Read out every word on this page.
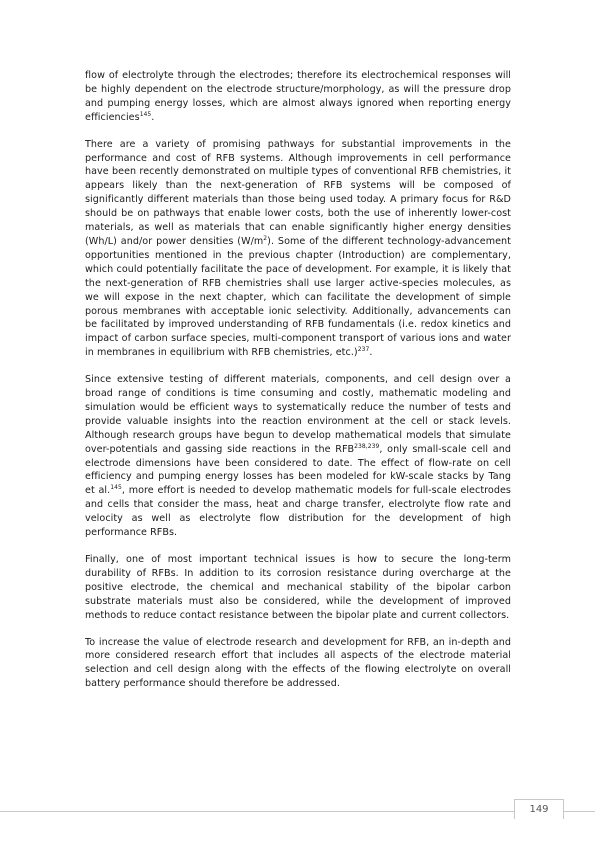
flow of electrolyte through the electrodes; therefore its electrochemical responses will be highly dependent on the electrode structure/morphology, as will the pressure drop and pumping energy losses, which are almost always ignored when reporting energy efficiencies$^{145}$.

There are a variety of promising pathways for substantial improvements in the performance and cost of RFB systems. Although improvements in cell performance have been recently demonstrated on multiple types of conventional RFB chemistries, it appears likely than the next-generation of RFB systems will be composed of significantly different materials than those being used today. A primary focus for R&D should be on pathways that enable lower costs, both the use of inherently lower-cost materials, as well as materials that can enable significantly higher energy densities (Wh/L) and/or power densities $(W/m^2)$. Some of the different technology-advancement opportunities mentioned in the previous chapter (Introduction) are complementary, which could potentially facilitate the pace of development. For example, it is likely that the next-generation of RFB chemistries shall use larger active-species molecules, as we will expose in the next chapter, which can facilitate the development of simple porous membranes with acceptable ionic selectivity. Additionally, advancements can be facilitated by improved understanding of RFB fundamentals (i.e. redox kinetics and impact of carbon surface species, multi-component transport of various ions and water in membranes in equilibrium with RFB chemistries, etc.)$^{237}$.

Since extensive testing of different materials, components, and cell design over a broad range of conditions is time consuming and costly, mathematic modeling and simulation would be efficient ways to systematically reduce the number of tests and provide valuable insights into the reaction environment at the cell or stack levels. Although research groups have begun to develop mathematical models that simulate over-potentials and gassing side reactions in the RFB$^{238,239}$, only small-scale cell and electrode dimensions have been considered to date. The effect of flow-rate on cell efficiency and pumping energy losses has been modeled for kW-scale stacks by Tang et al.$^{145}$, more effort is needed to develop mathematic models for full-scale electrodes and cells that consider the mass, heat and charge transfer, electrolyte flow rate and velocity as well as electrolyte flow distribution for the development of high performance RFBs.

Finally, one of most important technical issues is how to secure the long-term durability of RFBs. In addition to its corrosion resistance during overcharge at the positive electrode, the chemical and mechanical stability of the bipolar carbon substrate materials must also be considered, while the development of improved methods to reduce contact resistance between the bipolar plate and current collectors.

To increase the value of electrode research and development for RFB, an in-depth and more considered research effort that includes all aspects of the electrode material selection and cell design along with the effects of the flowing electrolyte on overall battery performance should therefore be addressed.

149
